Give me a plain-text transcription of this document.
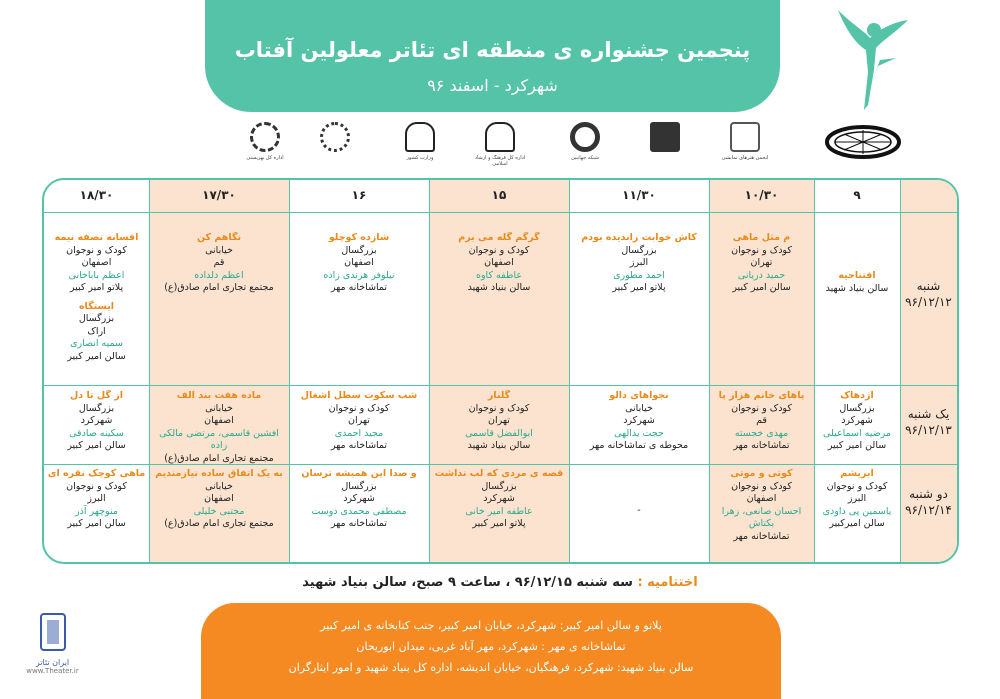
پنجمین جشنواره ی منطقه ای تئاتر معلولین آفتاب
شهرکرد - اسفند ۹۶
انجمن هنرهای نمایشی
شبکه جهانبین
اداره کل فرهنگ و ارشاد اسلامی
وزارت کشور
اداره کل بهزیستی
۹
۱۰/۳۰
۱۱/۳۰
۱۵
۱۶
۱۷/۳۰
۱۸/۳۰
شنبه
۹۶/۱۲/۱۲
یک شنبه
۹۶/۱۲/۱۳
دو شنبه
۹۶/۱۲/۱۴
افتتاحیه
سالن بنیاد شهید
م مثل ماهی
کودک و نوجوان
تهران
حمید دریانی
سالن امیر کبیر
کاش خوابت راندیده بودم
بزرگسال
البرز
احمد مطوری
پلاتو امیر کبیر
گرگم گله می برم
کودک و نوجوان
اصفهان
عاطفه کاوه
سالن بنیاد شهید
شازده کوچلو
بزرگسال
اصفهان
نیلوفر هرندی زاده
تماشاخانه مهر
نگاهم کن
خیابانی
قم
اعظم دلداده
مجتمع تجاری امام صادق(ع)
افسانه نصفه نیمه
کودک و نوجوان
اصفهان
اعظم باباخانی
پلاتو امیر کبیر
ایستگاه
بزرگسال
اراک
سمیه انصاری
سالن امیر کبیر
آژدهاک
بزرگسال
شهرکرد
مرضیه اسماعیلی
سالن امیر کبیر
پاهای خانم هزار پا
کودک و نوجوان
قم
مهدی خجسته
تماشاخانه مهر
نجواهای دالو
خیابانی
شهرکرد
حجت یدالهی
محوطه ی تماشاخانه مهر
گلنار
کودک و نوجوان
تهران
ابوالفضل قاسمی
سالن بنیاد شهید
شب سکوت سطل آشغال
کودک و نوجوان
تهران
مجید احمدی
تماشاخانه مهر
ماده هفت بند الف
خیابانی
اصفهان
افشین قاسمی، مرتضی مالکی زاده
مجتمع تجاری امام صادق(ع)
از گل تا دل
بزرگسال
شهرکرد
سکینه صادقی
سالن امیر کبیر
ابریشم
کودک و نوجوان
البرز
یاسمین پی داودی
سالن امیرکبیر
کوتی و موتی
کودک و نوجوان
اصفهان
احسان صانعی، زهرا بکتاش
تماشاخانه مهر
-
قصه ی مردی که لب نداشت
بزرگسال
شهرکرد
عاطفه امیر خانی
پلاتو امیر کبیر
و صدا این همیشه ترسان
بزرگسال
شهرکرد
مصطفی محمدی دوست
تماشاخانه مهر
به یک اتفاق ساده نیازمندیم
خیابانی
اصفهان
مجتبی خلیلی
مجتمع تجاری امام صادق(ع)
ماهی کوچک نقره ای
کودک و نوجوان
البرز
منوچهر آذر
سالن امیر کبیر
اختتامیه : سه شنبه ۹۶/۱۲/۱۵ ، ساعت ۹ صبح، سالن بنیاد شهید
پلاتو و سالن امیر کبیر: شهرکرد، خیابان امیر کبیر، جنب کتابخانه ی امیر کبیر
تماشاخانه ی مهر : شهرکرد، مهر آباد غربی، میدان ابوریحان
سالن بنیاد شهید: شهرکرد، فرهنگیان، خیابان اندیشه، اداره کل بنیاد شهید و امور ایثارگران
ایران تئاتر
www.Theater.ir
